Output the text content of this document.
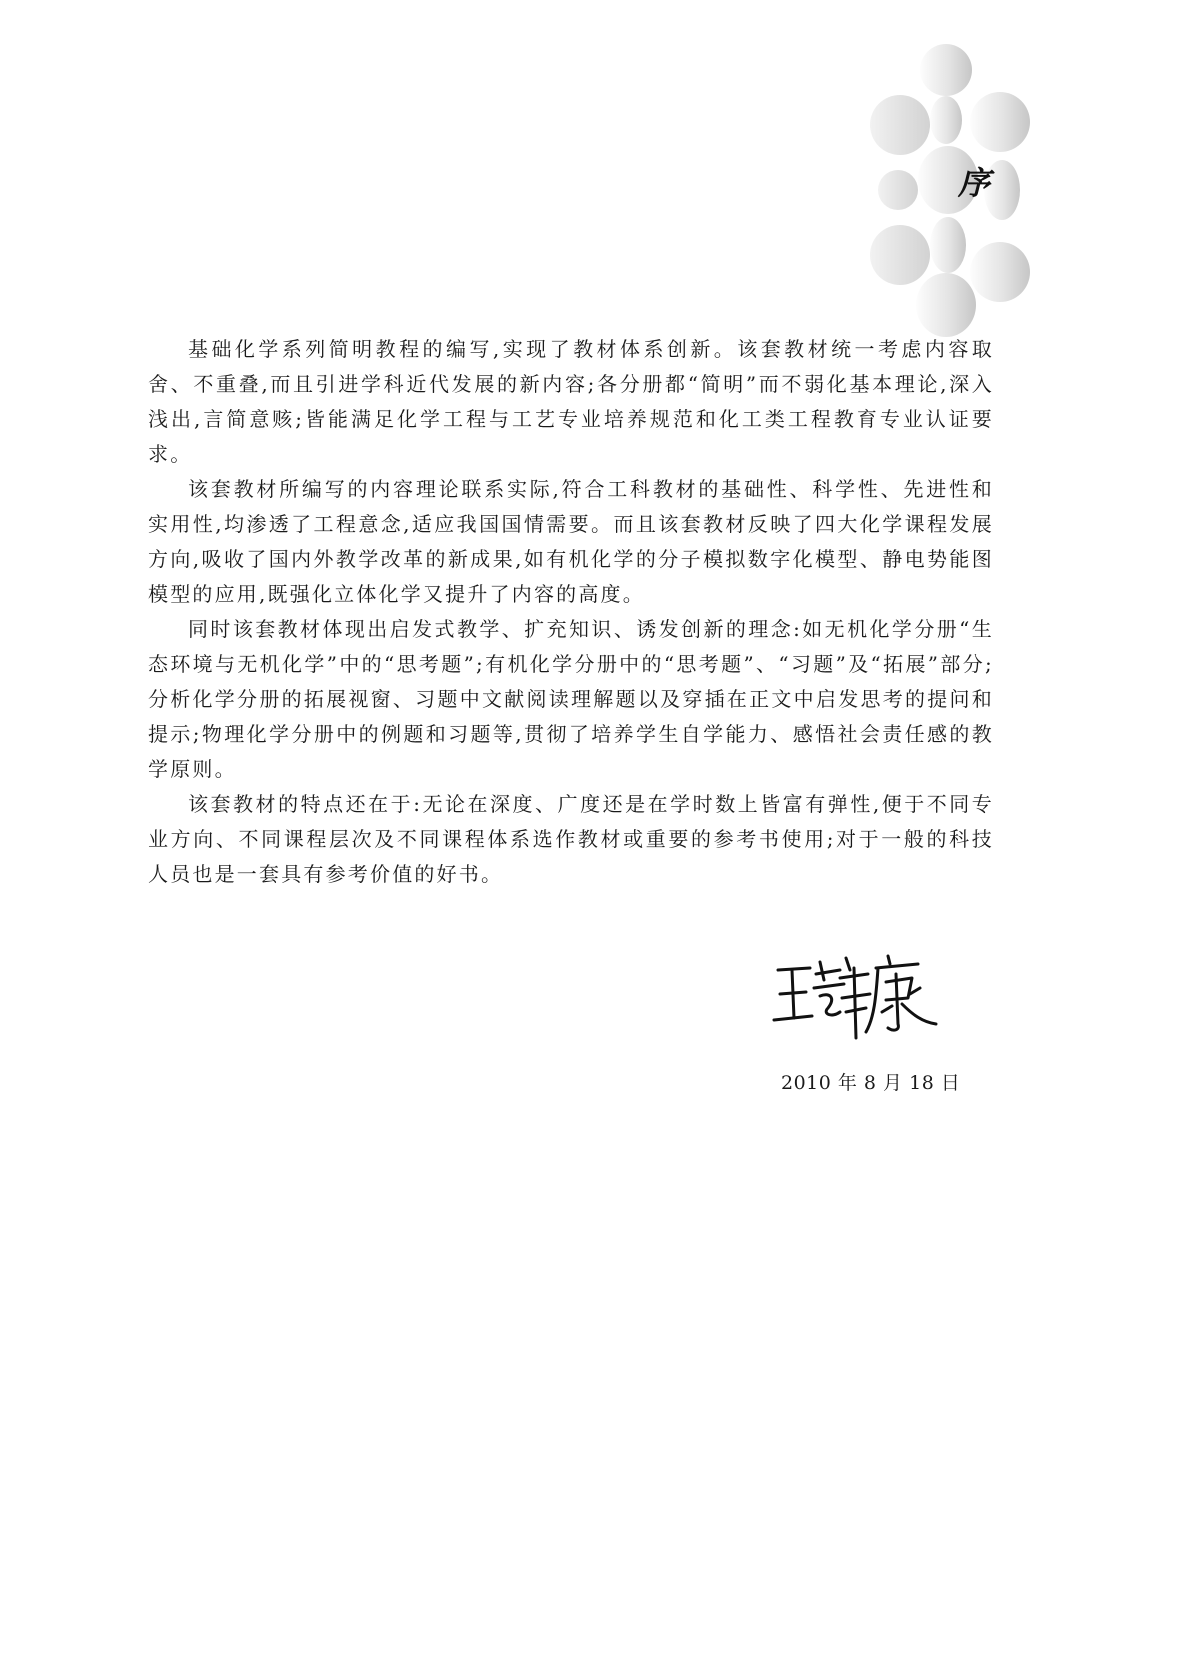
序

基础化学系列简明教程的编写,实现了教材体系创新。该套教材统一考虑内容取舍、不重叠,而且引进学科近代发展的新内容;各分册都“简明”而不弱化基本理论,深入浅出,言简意赅;皆能满足化学工程与工艺专业培养规范和化工类工程教育专业认证要求。

该套教材所编写的内容理论联系实际,符合工科教材的基础性、科学性、先进性和实用性,均渗透了工程意念,适应我国国情需要。而且该套教材反映了四大化学课程发展方向,吸收了国内外教学改革的新成果,如有机化学的分子模拟数字化模型、静电势能图模型的应用,既强化立体化学又提升了内容的高度。

同时该套教材体现出启发式教学、扩充知识、诱发创新的理念:如无机化学分册“生态环境与无机化学”中的“思考题”;有机化学分册中的“思考题”、“习题”及“拓展”部分;分析化学分册的拓展视窗、习题中文献阅读理解题以及穿插在正文中启发思考的提问和提示;物理化学分册中的例题和习题等,贯彻了培养学生自学能力、感悟社会责任感的教学原则。

该套教材的特点还在于:无论在深度、广度还是在学时数上皆富有弹性,便于不同专业方向、不同课程层次及不同课程体系选作教材或重要的参考书使用;对于一般的科技人员也是一套具有参考价值的好书。

2010 年 8 月 18 日
